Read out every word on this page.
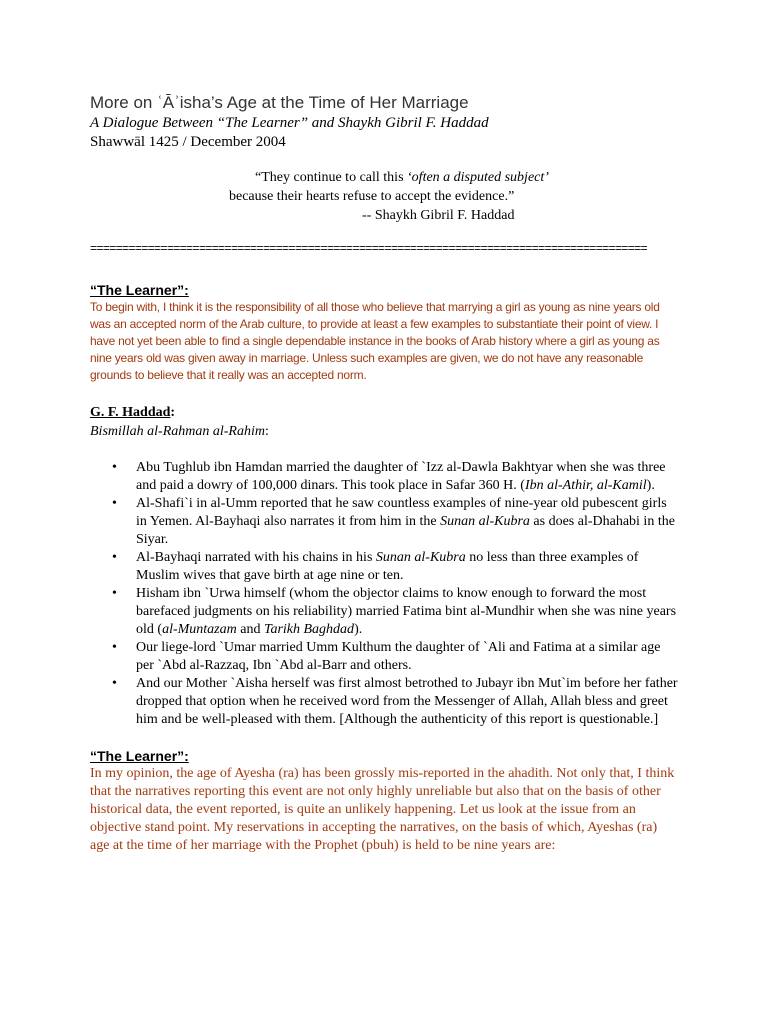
More on ʿĀʾisha’s Age at the Time of Her Marriage
A Dialogue Between “The Learner” and Shaykh Gibril F. Haddad
Shawwāl 1425 / December 2004
“They continue to call this ‘often a disputed subject’
because their hearts refuse to accept the evidence.”
-- Shaykh Gibril F. Haddad
=======================================================================================
“The Learner”:
To begin with, I think it is the responsibility of all those who believe that marrying a girl as young as nine years old was an accepted norm of the Arab culture, to provide at least a few examples to substantiate their point of view. I have not yet been able to find a single dependable instance in the books of Arab history where a girl as young as nine years old was given away in marriage. Unless such examples are given, we do not have any reasonable grounds to believe that it really was an accepted norm.
G. F. Haddad:
Bismillah al-Rahman al-Rahim:
• Abu Tughlub ibn Hamdan married the daughter of `Izz al-Dawla Bakhtyar when she was three and paid a dowry of 100,000 dinars. This took place in Safar 360 H. (Ibn al-Athir, al-Kamil).
• Al-Shafi`i in al-Umm reported that he saw countless examples of nine-year old pubescent girls in Yemen. Al-Bayhaqi also narrates it from him in the Sunan al-Kubra as does al-Dhahabi in the Siyar.
• Al-Bayhaqi narrated with his chains in his Sunan al-Kubra no less than three examples of Muslim wives that gave birth at age nine or ten.
• Hisham ibn `Urwa himself (whom the objector claims to know enough to forward the most barefaced judgments on his reliability) married Fatima bint al-Mundhir when she was nine years old (al-Muntazam and Tarikh Baghdad).
• Our liege-lord `Umar married Umm Kulthum the daughter of `Ali and Fatima at a similar age per `Abd al-Razzaq, Ibn `Abd al-Barr and others.
• And our Mother `Aisha herself was first almost betrothed to Jubayr ibn Mut`im before her father dropped that option when he received word from the Messenger of Allah, Allah bless and greet him and be well-pleased with them. [Although the authenticity of this report is questionable.]
“The Learner”:
In my opinion, the age of Ayesha (ra) has been grossly mis-reported in the ahadith. Not only that, I think that the narratives reporting this event are not only highly unreliable but also that on the basis of other historical data, the event reported, is quite an unlikely happening. Let us look at the issue from an objective stand point. My reservations in accepting the narratives, on the basis of which, Ayeshas (ra) age at the time of her marriage with the Prophet (pbuh) is held to be nine years are:
